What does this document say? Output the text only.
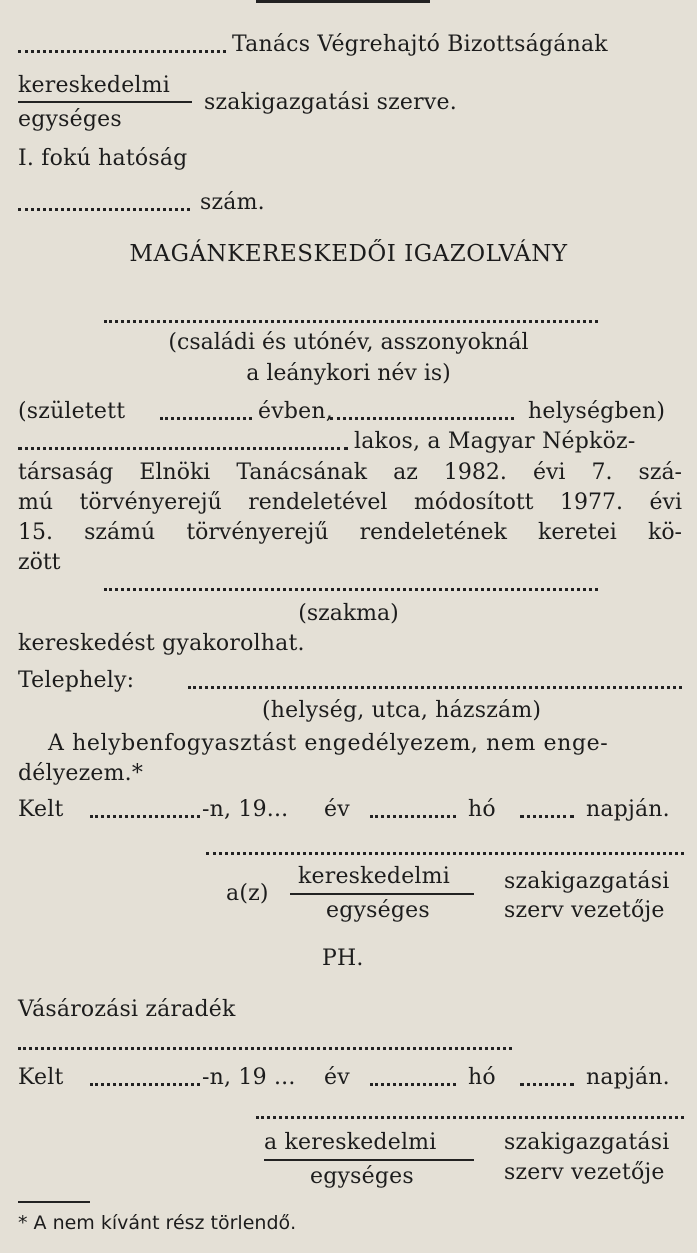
Tanács Végrehajtó Bizottságának
kereskedelmi
egységes
szakigazgatási szerve.
I. fokú hatóság
szám.
MAGÁNKERESKEDŐI IGAZOLVÁNY
(családi és utónév, asszonyoknál
a leánykori név is)
(született	évben,	helységben)
lakos, a Magyar Népköz-
társaság Elnöki Tanácsának az 1982. évi 7. szá-
mú törvényerejű rendeletével módosított 1977. évi
15. számú törvényerejű rendeletének keretei kö-
zött
(szakma)
kereskedést gyakorolhat.
Telephely:
(helység, utca, házszám)
A helybenfogyasztást engedélyezem, nem enge-
délyezem.*
Kelt	-n, 19... év	hó	napján.
a(z)
kereskedelmi
egységes
szakigazgatási
szerv vezetője
PH.
Vásározási záradék
Kelt	-n, 19 ... év	hó	napján.
a kereskedelmi
egységes
szakigazgatási
szerv vezetője
* A nem kívánt rész törlendő.
